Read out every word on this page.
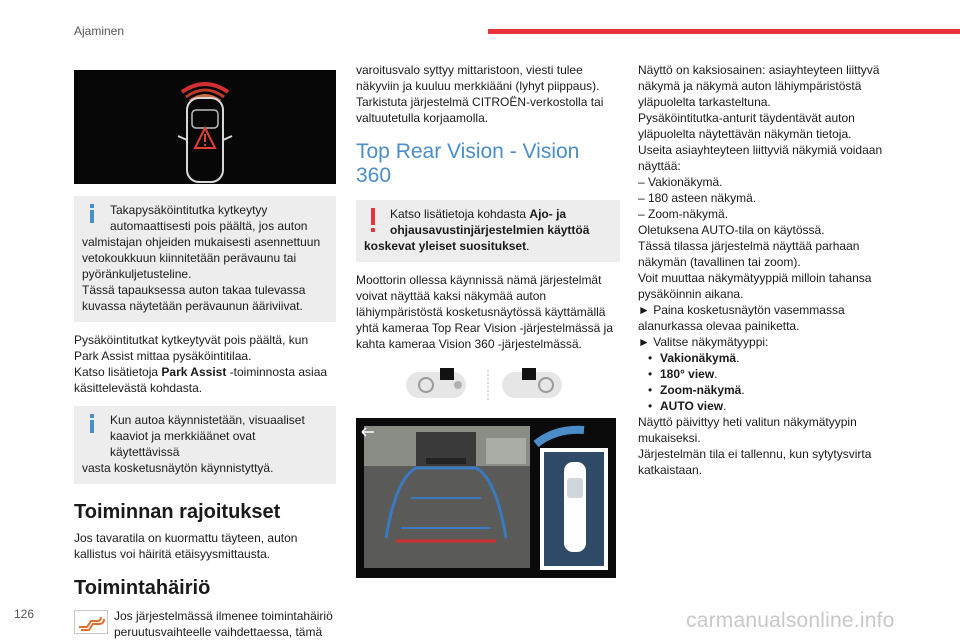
Ajaminen
Takapysäköintitutka kytkeytyy
automaattisesti pois päältä, jos auton
valmistajan ohjeiden mukaisesti asennettuun
vetokoukkuun kiinnitetään perävaunu tai
pyöränkuljetusteline.
Tässä tapauksessa auton takaa tulevassa
kuvassa näytetään perävaunun ääriviivat.
Pysäköintitutkat kytkeytyvät pois päältä, kun
Park Assist mittaa pysäköintitilaa.
Katso lisätietoja Park Assist -toiminnosta asiaa
käsittelevästä kohdasta.
Kun autoa käynnistetään, visuaaliset
kaaviot ja merkkiäänet ovat käytettävissä
vasta kosketusnäytön käynnistyttyä.
Toiminnan rajoitukset
Jos tavaratila on kuormattu täyteen, auton
kallistus voi häiritä etäisyysmittausta.
Toimintahäiriö
Jos järjestelmässä ilmenee toimintahäiriö
peruutusvaihteelle vaihdettaessa, tämä
varoitusvalo syttyy mittaristoon, viesti tulee
näkyviin ja kuuluu merkkiääni (lyhyt piippaus).
Tarkistuta järjestelmä CITROËN-verkostolla tai
valtuutetulla korjaamolla.
Top Rear Vision - Vision
360
Katso lisätietoja kohdasta Ajo- ja
ohjausavustinjärjestelmien käyttöä
koskevat yleiset suositukset.
Moottorin ollessa käynnissä nämä järjestelmät
voivat näyttää kaksi näkymää auton
lähiympäristöstä kosketusnäytössä käyttämällä
yhtä kameraa Top Rear Vision -järjestelmässä ja
kahta kameraa Vision 360 -järjestelmässä.
Näyttö on kaksiosainen: asiayhteyteen liittyvä
näkymä ja näkymä auton lähiympäristöstä
yläpuolelta tarkasteltuna.
Pysäköintitutka-anturit täydentävät auton
yläpuolelta näytettävän näkymän tietoja.
Useita asiayhteyteen liittyviä näkymiä voidaan
näyttää:
– Vakionäkymä.
– 180 asteen näkymä.
– Zoom-näkymä.
Oletuksena AUTO-tila on käytössä.
Tässä tilassa järjestelmä näyttää parhaan
näkymän (tavallinen tai zoom).
Voit muuttaa näkymätyyppiä milloin tahansa
pysäköinnin aikana.
► Paina kosketusnäytön vasemmassa
alanurkassa olevaa painiketta.
► Valitse näkymätyyppi:
• Vakionäkymä.
• 180° view.
• Zoom-näkymä.
• AUTO view.
Näyttö päivittyy heti valitun näkymätyypin
mukaiseksi.
Järjestelmän tila ei tallennu, kun sytytysvirta
katkaistaan.
126	carmanualsonline.info
